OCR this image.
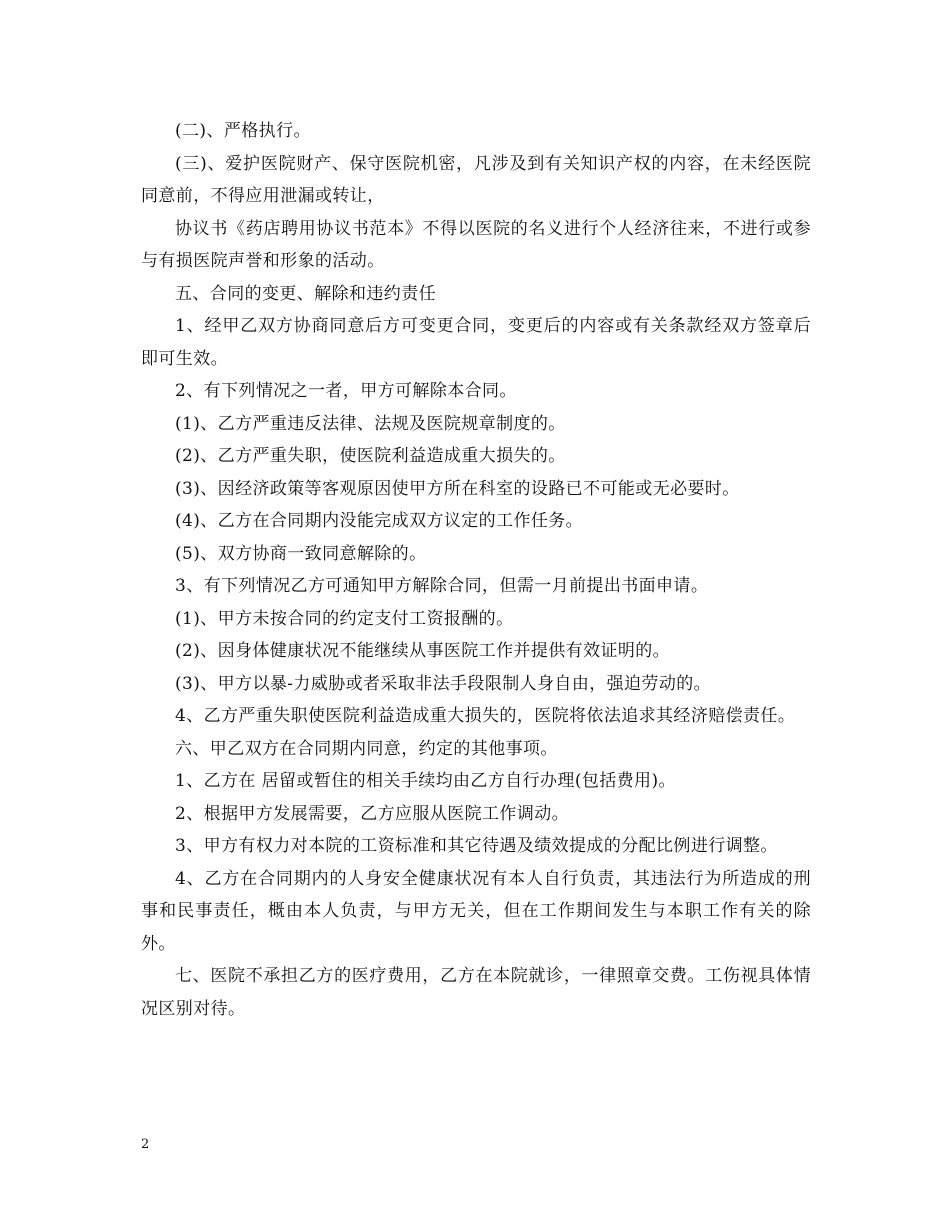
(二)、严格执行。

(三)、爱护医院财产、保守医院机密，凡涉及到有关知识产权的内容，在未经医院同意前，不得应用泄漏或转让，

协议书《药店聘用协议书范本》不得以医院的名义进行个人经济往来，不进行或参与有损医院声誉和形象的活动。

五、合同的变更、解除和违约责任

1、经甲乙双方协商同意后方可变更合同，变更后的内容或有关条款经双方签章后即可生效。

2、有下列情况之一者，甲方可解除本合同。

(1)、乙方严重违反法律、法规及医院规章制度的。

(2)、乙方严重失职，使医院利益造成重大损失的。

(3)、因经济政策等客观原因使甲方所在科室的设路已不可能或无必要时。

(4)、乙方在合同期内没能完成双方议定的工作任务。

(5)、双方协商一致同意解除的。

3、有下列情况乙方可通知甲方解除合同，但需一月前提出书面申请。

(1)、甲方未按合同的约定支付工资报酬的。

(2)、因身体健康状况不能继续从事医院工作并提供有效证明的。

(3)、甲方以暴-力威胁或者采取非法手段限制人身自由，强迫劳动的。

4、乙方严重失职使医院利益造成重大损失的，医院将依法追求其经济赔偿责任。

六、甲乙双方在合同期内同意，约定的其他事项。

1、乙方在 居留或暂住的相关手续均由乙方自行办理(包括费用)。

2、根据甲方发展需要，乙方应服从医院工作调动。

3、甲方有权力对本院的工资标准和其它待遇及绩效提成的分配比例进行调整。

4、乙方在合同期内的人身安全健康状况有本人自行负责，其违法行为所造成的刑事和民事责任，概由本人负责，与甲方无关，但在工作期间发生与本职工作有关的除外。

七、医院不承担乙方的医疗费用，乙方在本院就诊，一律照章交费。工伤视具体情况区别对待。

2
